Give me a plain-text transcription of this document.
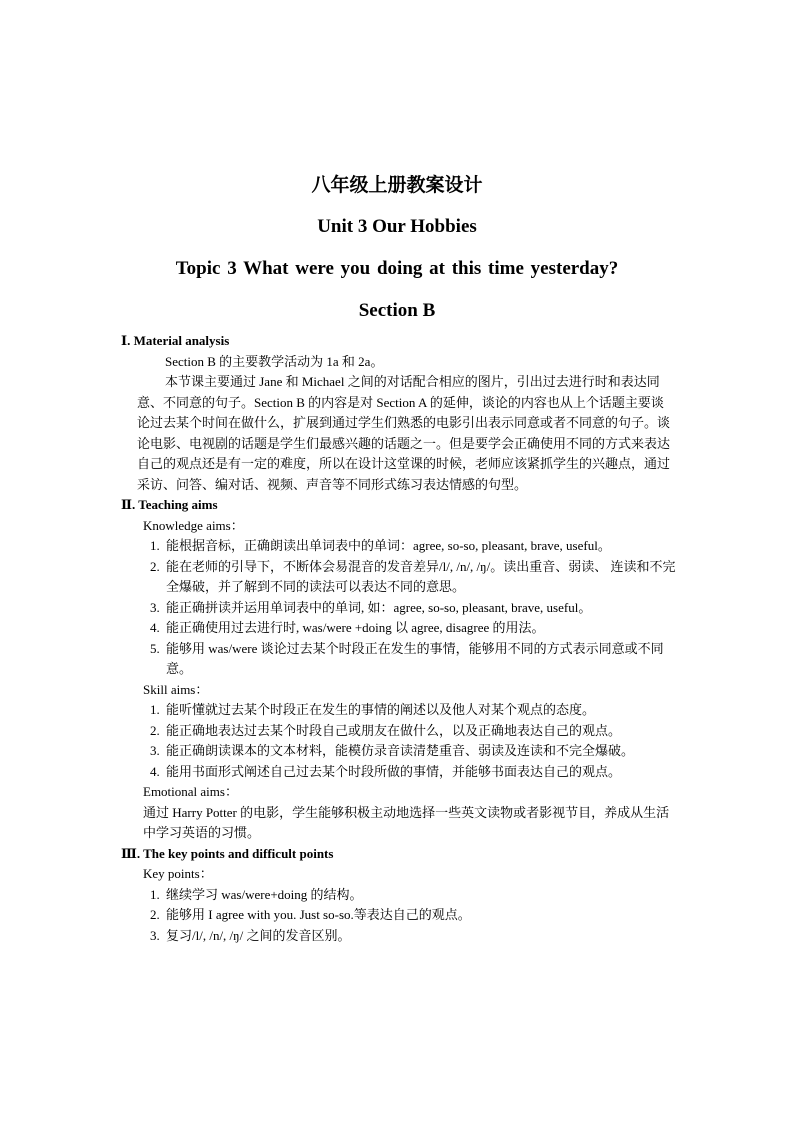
八年级上册教案设计
Unit 3 Our Hobbies
Topic 3 What were you doing at this time yesterday?
Section B

Ⅰ. Material analysis

Section B 的主要教学活动为 1a 和 2a。

本节课主要通过 Jane 和 Michael 之间的对话配合相应的图片，引出过去进行时和表达同意、不同意的句子。Section B 的内容是对 Section A 的延伸，谈论的内容也从上个话题主要谈论过去某个时间在做什么，扩展到通过学生们熟悉的电影引出表示同意或者不同意的句子。谈论电影、电视剧的话题是学生们最感兴趣的话题之一。但是要学会正确使用不同的方式来表达自己的观点还是有一定的难度，所以在设计这堂课的时候，老师应该紧抓学生的兴趣点，通过采访、问答、编对话、视频、声音等不同形式练习表达情感的句型。

Ⅱ. Teaching aims

Knowledge aims：

1. 能根据音标，正确朗读出单词表中的单词：agree, so-so, pleasant, brave, useful。
2. 能在老师的引导下，不断体会易混音的发音差异/l/, /n/, /ŋ/。读出重音、弱读、 连读和不完全爆破，并了解到不同的读法可以表达不同的意思。
3. 能正确拼读并运用单词表中的单词, 如：agree, so-so, pleasant, brave, useful。
4. 能正确使用过去进行时, was/were +doing 以 agree, disagree 的用法。
5. 能够用 was/were 谈论过去某个时段正在发生的事情，能够用不同的方式表示同意或不同意。

Skill aims：

1. 能听懂就过去某个时段正在发生的事情的阐述以及他人对某个观点的态度。
2. 能正确地表达过去某个时段自己或朋友在做什么，以及正确地表达自己的观点。
3. 能正确朗读课本的文本材料，能模仿录音读清楚重音、弱读及连读和不完全爆破。
4. 能用书面形式阐述自己过去某个时段所做的事情，并能够书面表达自己的观点。

Emotional aims：

通过 Harry Potter 的电影，学生能够积极主动地选择一些英文读物或者影视节目，养成从生活中学习英语的习惯。

Ⅲ. The key points and difficult points

Key points：

1. 继续学习 was/were+doing 的结构。
2. 能够用 I agree with you. Just so-so.等表达自己的观点。
3. 复习/l/, /n/, /ŋ/ 之间的发音区别。
